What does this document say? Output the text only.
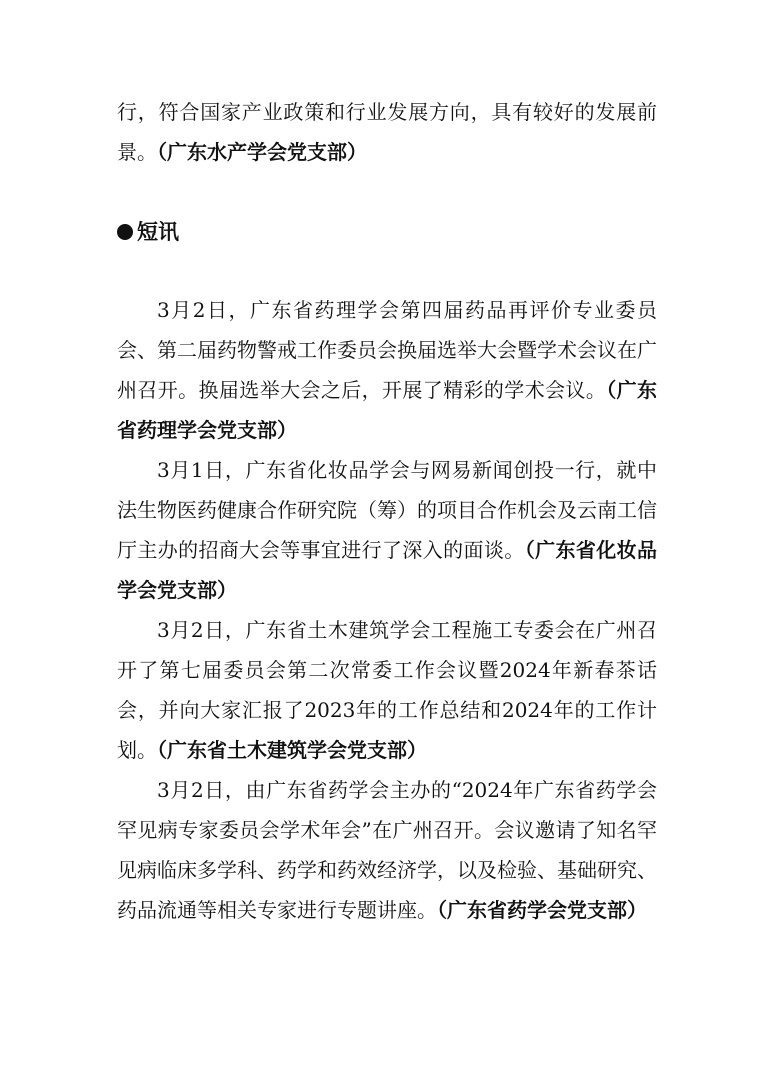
行，符合国家产业政策和行业发展方向，具有较好的发展前景。（广东水产学会党支部）

短讯

3月2日，广东省药理学会第四届药品再评价专业委员会、第二届药物警戒工作委员会换届选举大会暨学术会议在广州召开。换届选举大会之后，开展了精彩的学术会议。（广东省药理学会党支部）

3月1日，广东省化妆品学会与网易新闻创投一行，就中法生物医药健康合作研究院（筹）的项目合作机会及云南工信厅主办的招商大会等事宜进行了深入的面谈。（广东省化妆品学会党支部）

3月2日，广东省土木建筑学会工程施工专委会在广州召开了第七届委员会第二次常委工作会议暨2024年新春茶话会，并向大家汇报了2023年的工作总结和2024年的工作计划。（广东省土木建筑学会党支部）

3月2日，由广东省药学会主办的“2024年广东省药学会罕见病专家委员会学术年会”在广州召开。会议邀请了知名罕见病临床多学科、药学和药效经济学，以及检验、基础研究、药品流通等相关专家进行专题讲座。（广东省药学会党支部）
